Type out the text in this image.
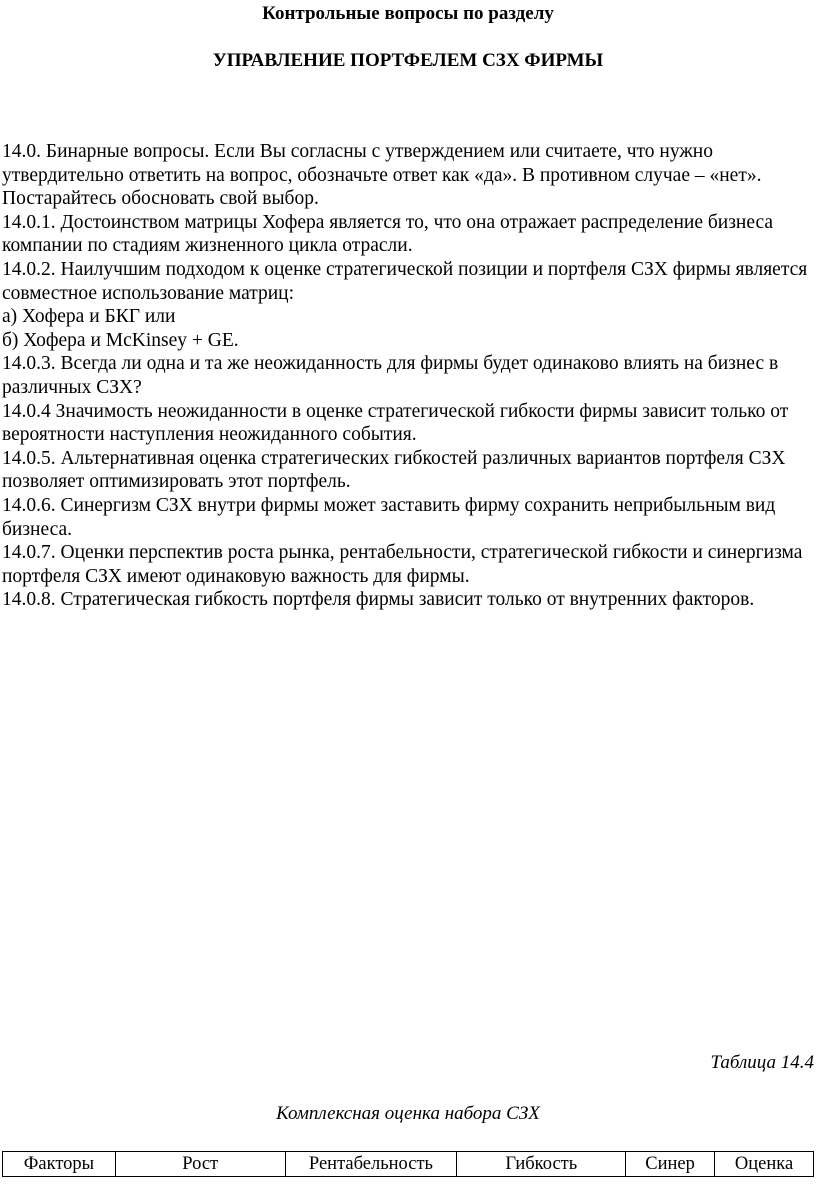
Контрольные вопросы по разделу
УПРАВЛЕНИЕ ПОРТФЕЛЕМ СЗХ ФИРМЫ

14.0. Бинарные вопросы. Если Вы согласны с утверждением или считаете, что нужно утвердительно ответить на вопрос, обозначьте ответ как «да». В противном случае – «нет». Постарайтесь обосновать свой выбор.

14.0.1. Достоинством матрицы Хофера является то, что она отражает распределение бизнеса компании по стадиям жизненного цикла отрасли.

14.0.2. Наилучшим подходом к оценке стратегической позиции и портфеля СЗХ фирмы является совместное использование матриц:

а) Хофера и БКГ или

б) Хофера и McKinsey + GE.

14.0.3. Всегда ли одна и та же неожиданность для фирмы будет одинаково влиять на бизнес в различных СЗХ?

14.0.4 Значимость неожиданности в оценке стратегической гибкости фирмы зависит только от вероятности наступления неожиданного события.

14.0.5. Альтернативная оценка стратегических гибкостей различных вариантов портфеля СЗХ позволяет оптимизировать этот портфель.

14.0.6. Синергизм СЗХ внутри фирмы может заставить фирму сохранить неприбыльным вид бизнеса.

14.0.7. Оценки перспектив роста рынка, рентабельности, стратегической гибкости и синергизма портфеля СЗХ имеют одинаковую важность для фирмы.

14.0.8. Стратегическая гибкость портфеля фирмы зависит только от внутренних факторов.

Таблица 14.4
Комплексная оценка набора СЗХ
Факторы	Рост	Рентабельность	Гибкость	Синер	Оценка
